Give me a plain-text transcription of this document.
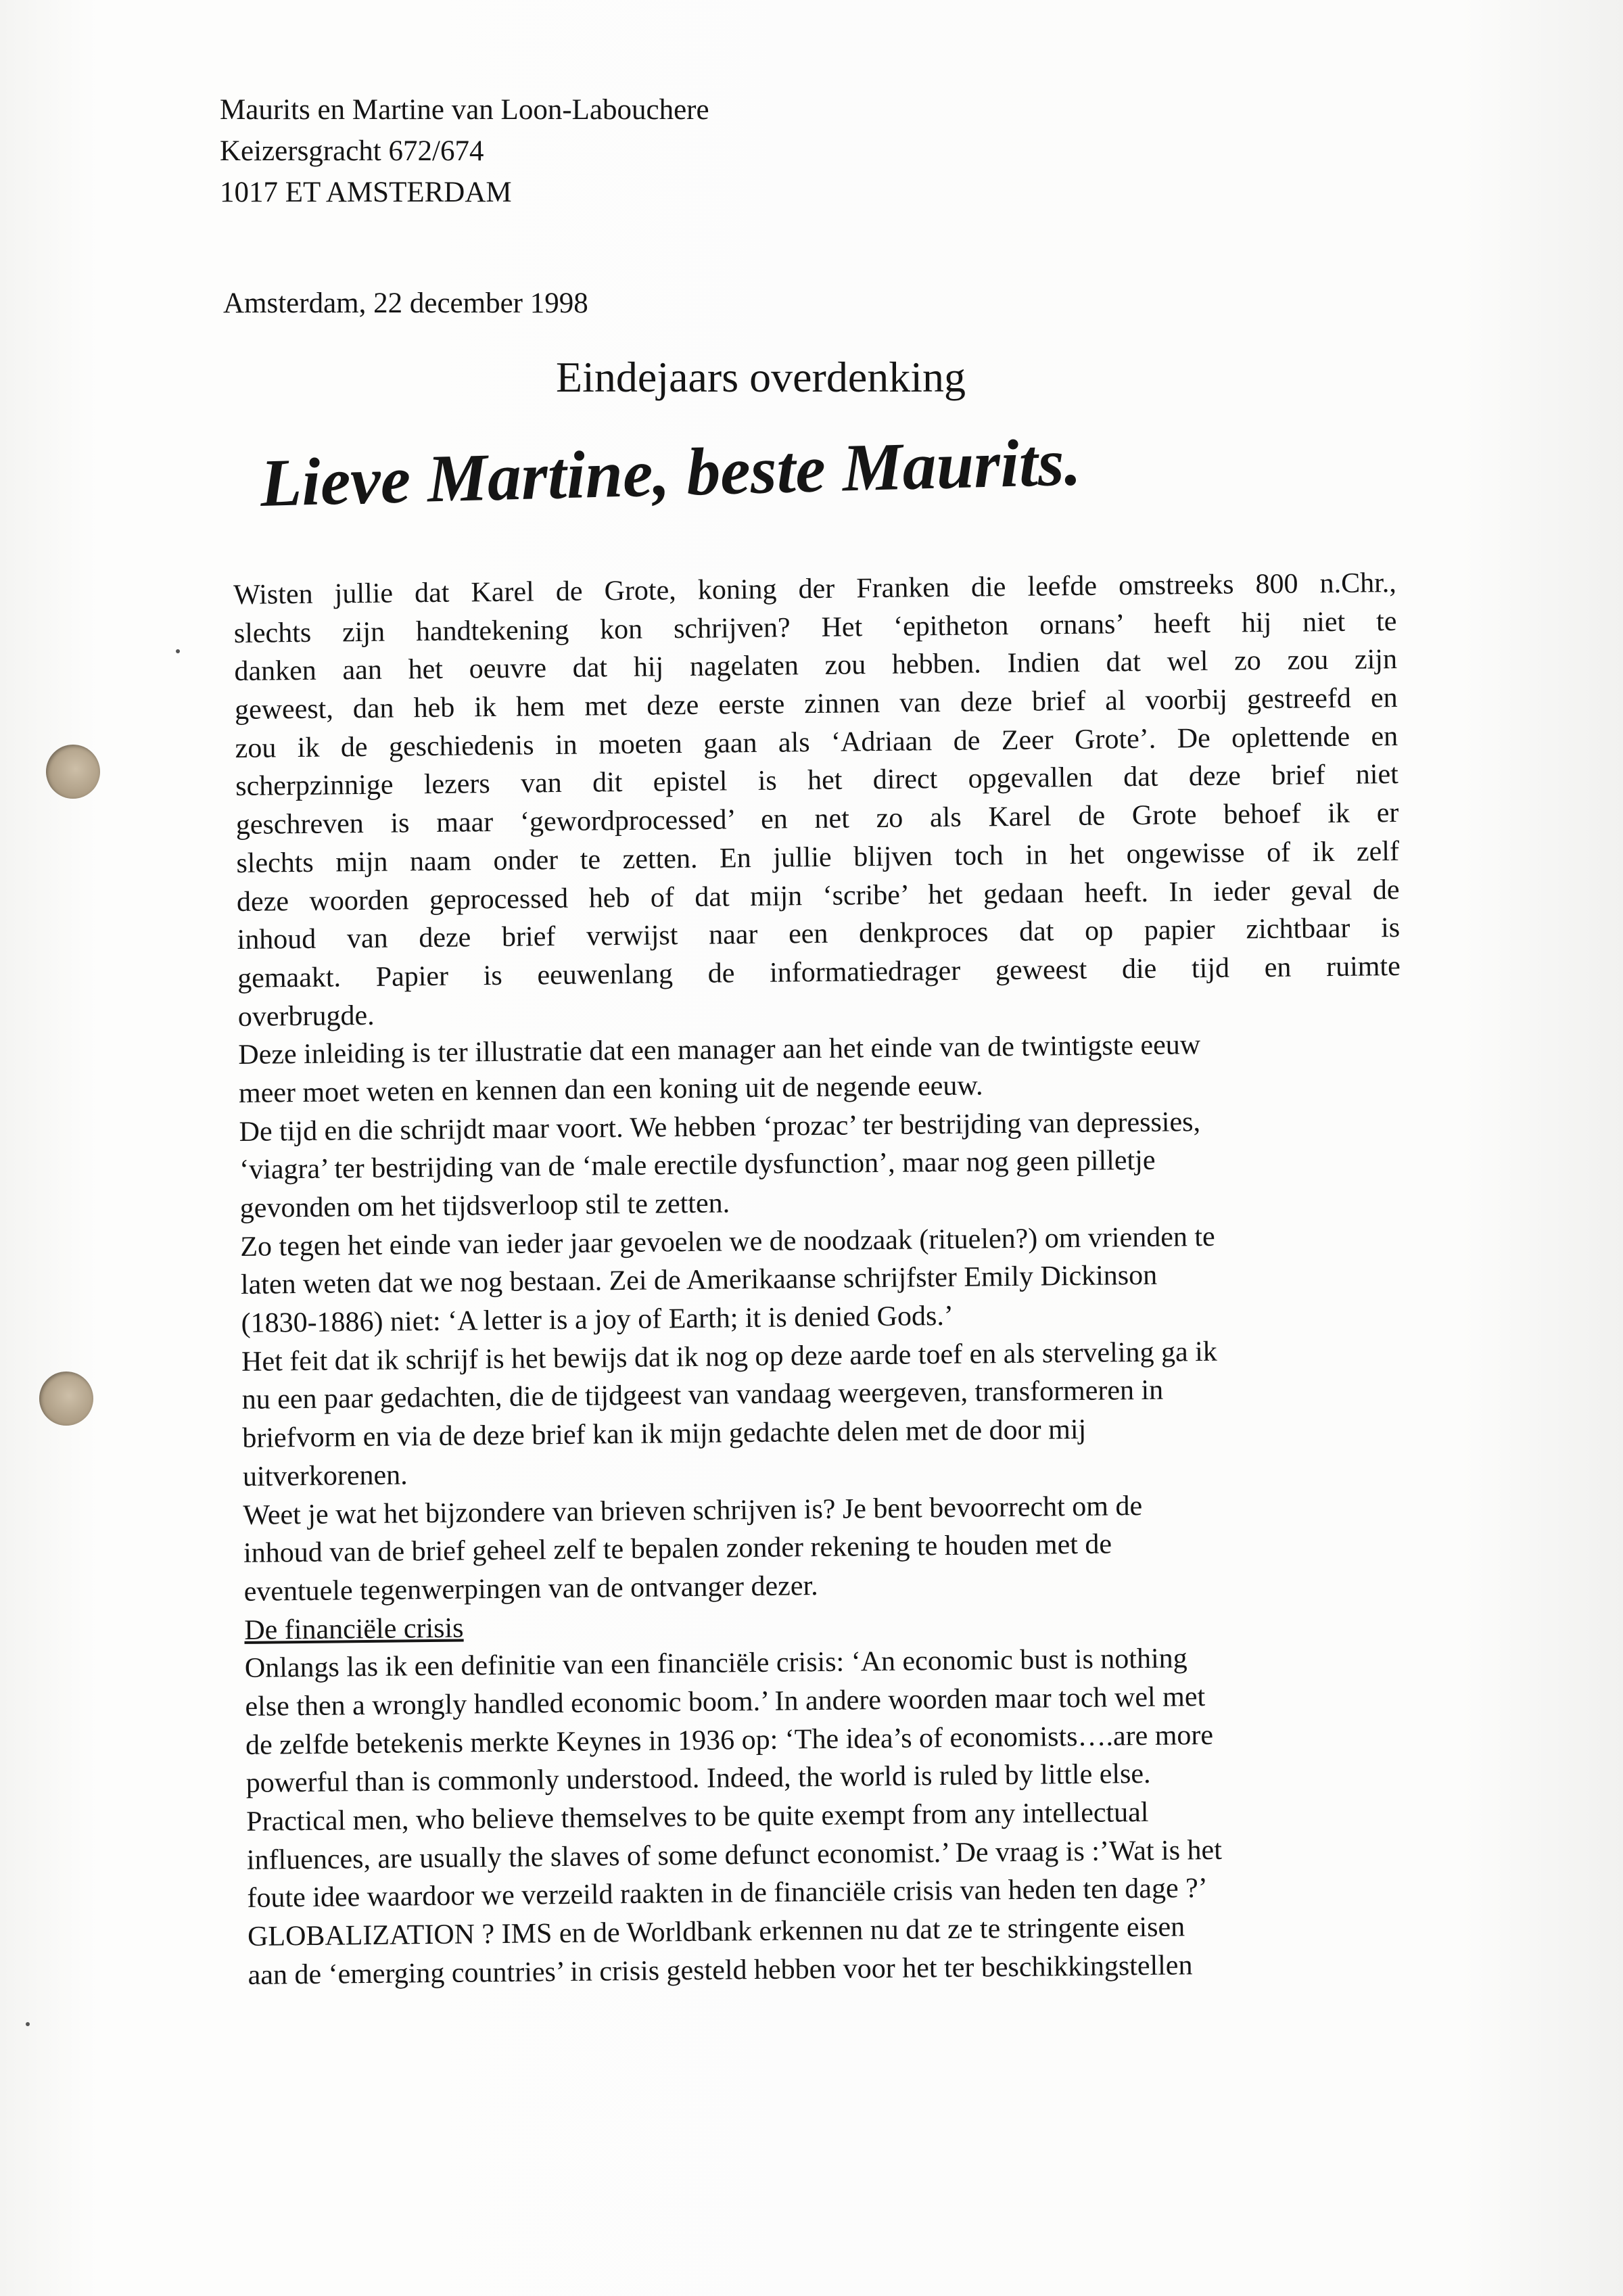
Maurits en Martine van Loon-Labouchere
Keizersgracht 672/674
1017 ET AMSTERDAM
Amsterdam, 22 december 1998
Eindejaars overdenking
Lieve Martine, beste Maurits.
Wisten jullie dat Karel de Grote, koning der Franken die leefde omstreeks 800 n.Chr.,
slechts zijn handtekening kon schrijven? Het ‘epitheton ornans’ heeft hij niet te
danken aan het oeuvre dat hij nagelaten zou hebben. Indien dat wel zo zou zijn
geweest, dan heb ik hem met deze eerste zinnen van deze brief al voorbij gestreefd en
zou ik de geschiedenis in moeten gaan als ‘Adriaan de Zeer Grote’. De oplettende en
scherpzinnige lezers van dit epistel is het direct opgevallen dat deze brief niet
geschreven is maar ‘gewordprocessed’ en net zo als Karel de Grote behoef ik er
slechts mijn naam onder te zetten. En jullie blijven toch in het ongewisse of ik zelf
deze woorden geprocessed heb of dat mijn ‘scribe’ het gedaan heeft. In ieder geval de
inhoud van deze brief verwijst naar een denkproces dat op papier zichtbaar is
gemaakt. Papier is eeuwenlang de informatiedrager geweest die tijd en ruimte
overbrugde.
Deze inleiding is ter illustratie dat een manager aan het einde van de twintigste eeuw
meer moet weten en kennen dan een koning uit de negende eeuw.
De tijd en die schrijdt maar voort. We hebben ‘prozac’ ter bestrijding van depressies,
‘viagra’ ter bestrijding van de ‘male erectile dysfunction’, maar nog geen pilletje
gevonden om het tijdsverloop stil te zetten.
Zo tegen het einde van ieder jaar gevoelen we de noodzaak (rituelen?) om vrienden te
laten weten dat we nog bestaan. Zei de Amerikaanse schrijfster Emily Dickinson
(1830-1886) niet: ‘A letter is a joy of Earth; it is denied Gods.’
Het feit dat ik schrijf is het bewijs dat ik nog op deze aarde toef en als sterveling ga ik
nu een paar gedachten, die de tijdgeest van vandaag weergeven, transformeren in
briefvorm en via de deze brief kan ik mijn gedachte delen met de door mij
uitverkorenen.
Weet je wat het bijzondere van brieven schrijven is? Je bent bevoorrecht om de
inhoud van de brief geheel zelf te bepalen zonder rekening te houden met de
eventuele tegenwerpingen van de ontvanger dezer.
De financiële crisis
Onlangs las ik een definitie van een financiële crisis: ‘An economic bust is nothing
else then a wrongly handled economic boom.’ In andere woorden maar toch wel met
de zelfde betekenis merkte Keynes in 1936 op: ‘The idea’s of economists….are more
powerful than is commonly understood. Indeed, the world is ruled by little else.
Practical men, who believe themselves to be quite exempt from any intellectual
influences, are usually the slaves of some defunct economist.’ De vraag is :’Wat is het
foute idee waardoor we verzeild raakten in de financiële crisis van heden ten dage ?’
GLOBALIZATION ? IMS en de Worldbank erkennen nu dat ze te stringente eisen
aan de ‘emerging countries’ in crisis gesteld hebben voor het ter beschikkingstellen
